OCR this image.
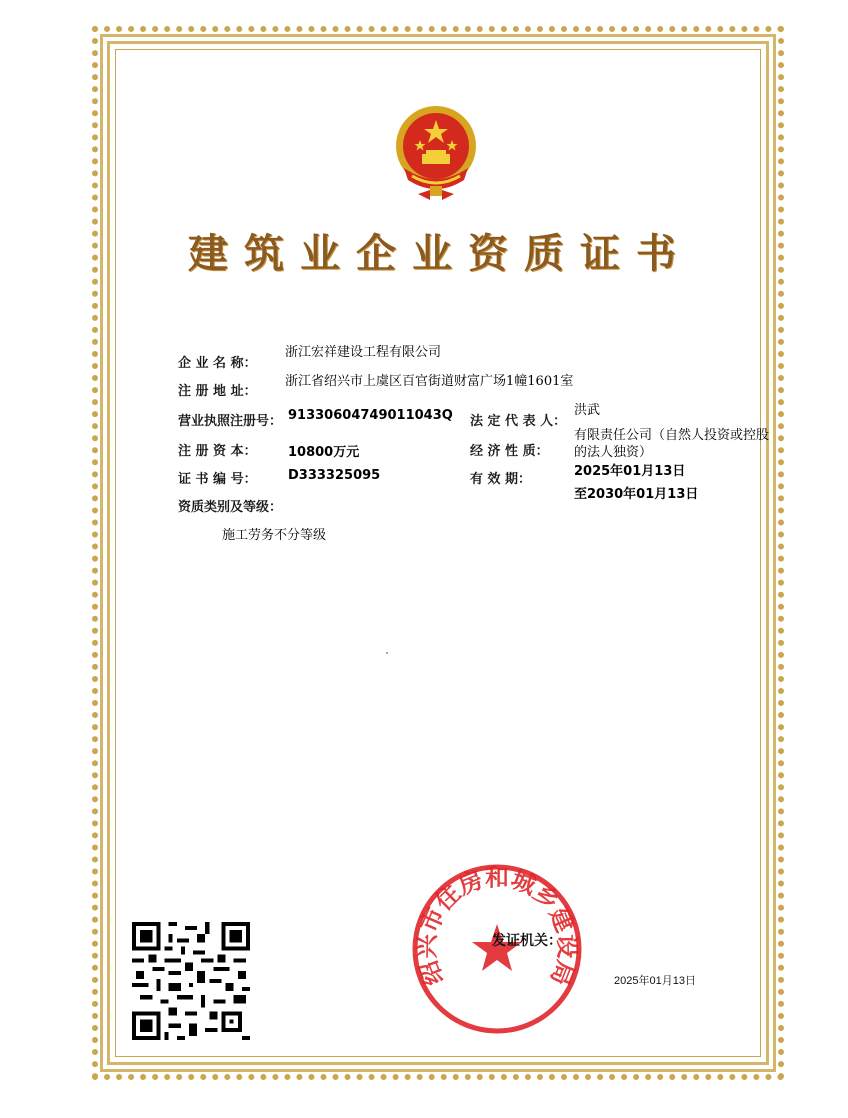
建筑业企业资质证书
企 业 名 称：
浙江宏祥建设工程有限公司
注 册 地 址：
浙江省绍兴市上虞区百官街道财富广场1幢1601室
营业执照注册号： 91330604749011043Q 法 定 代 表 人：
洪武
注 册 资 本： 10800万元	经 济 性 质：
有限责任公司（自然人投资或控股
的法人独资）
证 书 编 号： D333325095	有 效 期：
2025年01月13日
至2030年01月13日
资质类别及等级：
施工劳务不分等级
绍兴市住房和城乡建设局
发证机关：
2025年01月13日
